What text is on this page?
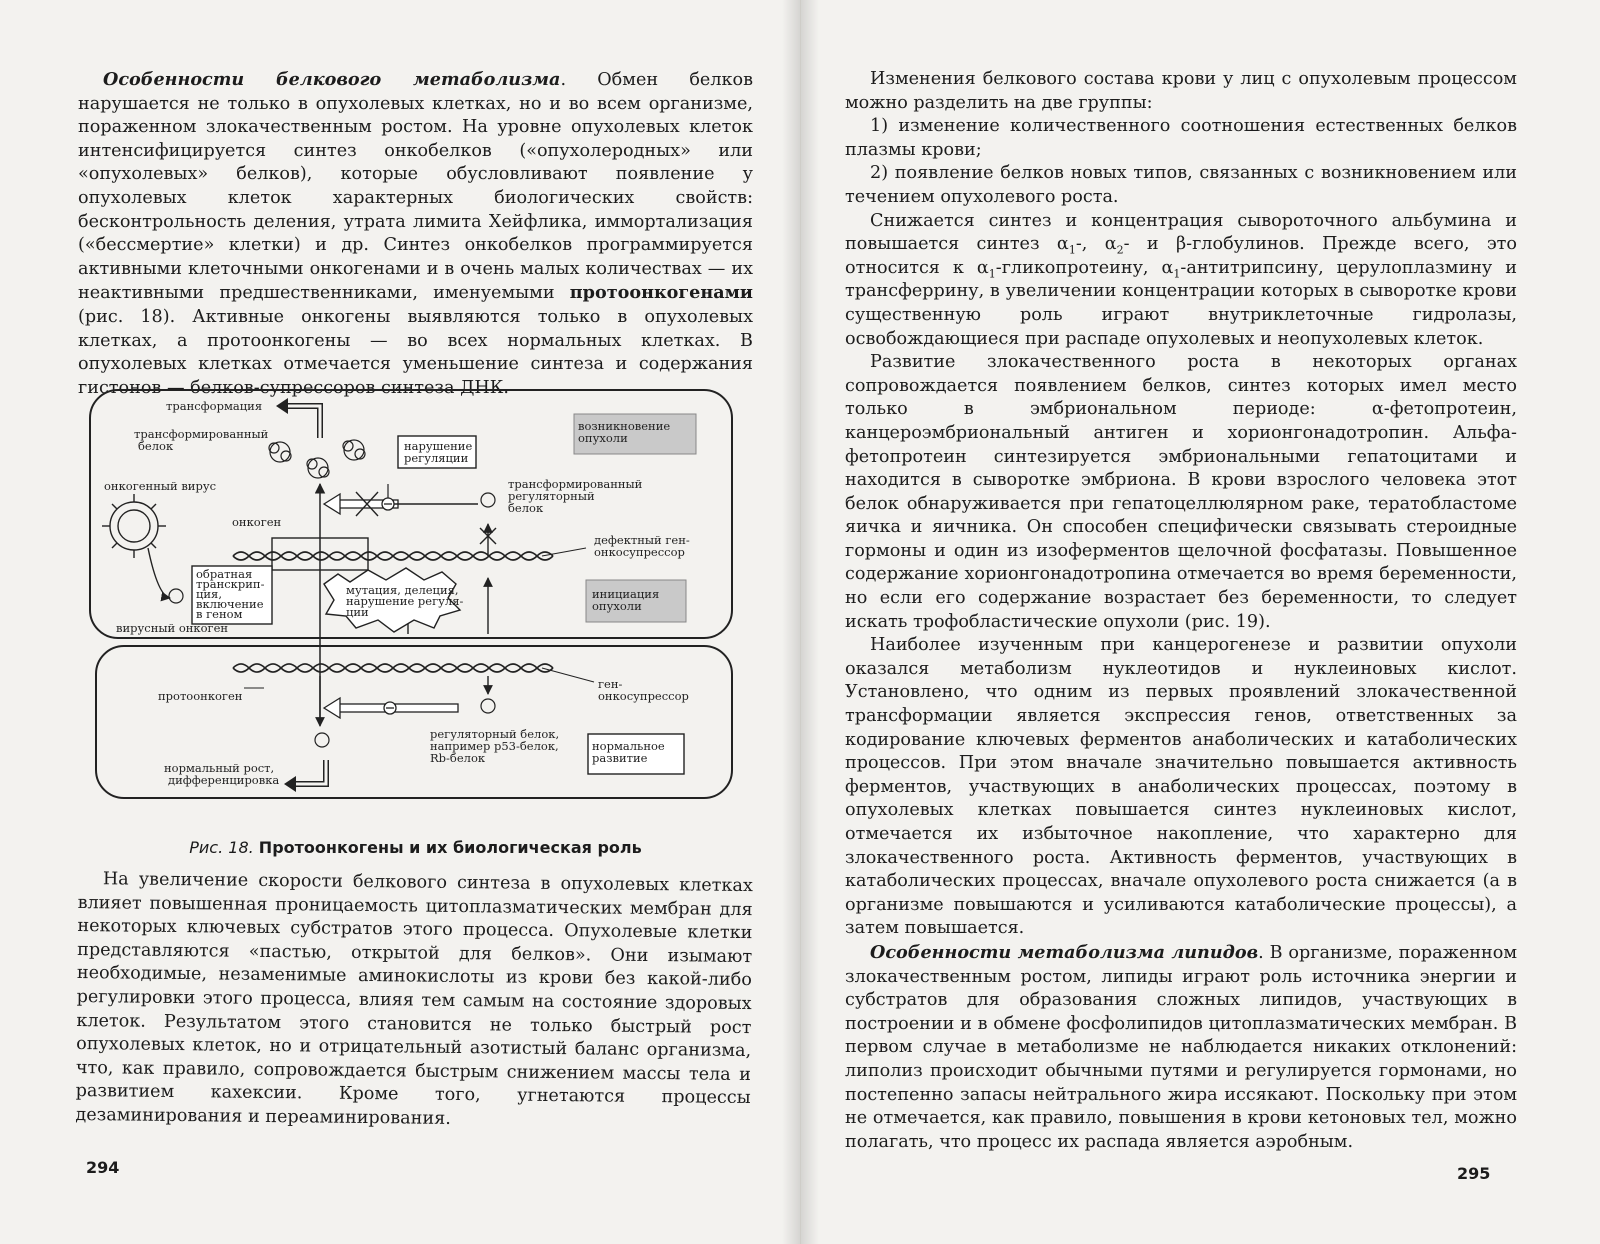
Особенности белкового метаболизма. Обмен белков нарушается не только в опухолевых клетках, но и во всем организме, пораженном злокачественным ростом. На уровне опухолевых клеток интенсифицируется синтез онкобелков («опухолеродных» или «опухолевых» белков), которые обусловливают появление у опухолевых клеток характерных биологических свойств: бесконтрольность деления, утрата лимита Хейфлика, иммортализация («бессмертие» клетки) и др. Синтез онкобелков программируется активными клеточными онкогенами и в очень малых количествах — их неактивными предшественниками, именуемыми протоонкогенами (рис. 18). Активные онкогены выявляются только в опухолевых клетках, а протоонкогены — во всех нормальных клетках. В опухолевых клетках отмечается уменьшение синтеза и содержания гистонов — белков-супрессоров синтеза ДНК.

трансформация
трансформированный
белок
онкогенный вирус
онкоген
нарушение
регуляции
возникновение
опухоли
трансформированный
регуляторный
белок
дефектный ген-
онкосупрессор
обратная
транскрип-
ция,
включение
в геном
мутация, делеция,
нарушение регуля-
ции
инициация
опухоли
вирусный онкоген
протоонкоген
ген-
онкосупрессор
регуляторный белок,
например р53-белок,
Rb-белок
нормальное
развитие
нормальный рост,
дифференцировка
Рис. 18. Протоонкогены и их биологическая роль

На увеличение скорости белкового синтеза в опухолевых клетках влияет повышенная проницаемость цитоплазматических мембран для некоторых ключевых субстратов этого процесса. Опухолевые клетки представляются «пастью, открытой для белков». Они изымают необходимые, незаменимые аминокислоты из крови без какой-либо регулировки этого процесса, влияя тем самым на состояние здоровых клеток. Результатом этого становится не только быстрый рост опухолевых клеток, но и отрицательный азотистый баланс организма, что, как правило, сопровождается быстрым снижением массы тела и развитием кахексии. Кроме того, угнетаются процессы дезаминирования и переаминирования.

294

Изменения белкового состава крови у лиц с опухолевым процессом можно разделить на две группы:

1) изменение количественного соотношения естественных белков плазмы крови;

2) появление белков новых типов, связанных с возникновением или течением опухолевого роста.

Снижается синтез и концентрация сывороточного альбумина и повышается синтез $\alpha_1-$, $\alpha_2-$ и β-глобулинов. Прежде всего, это относится к $\alpha_1$-гликопротеину, $\alpha_1$-антитрипсину, церулоплазмину и трансферрину, в увеличении концентрации которых в сыворотке крови существенную роль играют внутриклеточные гидролазы, освобождающиеся при распаде опухолевых и неопухолевых клеток.

Развитие злокачественного роста в некоторых органах сопровождается появлением белков, синтез которых имел место только в эмбриональном периоде: α-фетопротеин, канцероэмбриональный антиген и хорионгонадотропин. Альфа-фетопротеин синтезируется эмбриональными гепатоцитами и находится в сыворотке эмбриона. В крови взрослого человека этот белок обнаруживается при гепатоцеллюлярном раке, тератобластоме яичка и яичника. Он способен специфически связывать стероидные гормоны и один из изоферментов щелочной фосфатазы. Повышенное содержание хорионгонадотропина отмечается во время беременности, но если его содержание возрастает без беременности, то следует искать трофобластические опухоли (рис. 19).

Наиболее изученным при канцерогенезе и развитии опухоли оказался метаболизм нуклеотидов и нуклеиновых кислот. Установлено, что одним из первых проявлений злокачественной трансформации является экспрессия генов, ответственных за кодирование ключевых ферментов анаболических и катаболических процессов. При этом вначале значительно повышается активность ферментов, участвующих в анаболических процессах, поэтому в опухолевых клетках повышается синтез нуклеиновых кислот, отмечается их избыточное накопление, что характерно для злокачественного роста. Активность ферментов, участвующих в катаболических процессах, вначале опухолевого роста снижается (а в организме повышаются и усиливаются катаболические процессы), а затем повышается.

Особенности метаболизма липидов. В организме, пораженном злокачественным ростом, липиды играют роль источника энергии и субстратов для образования сложных липидов, участвующих в построении и в обмене фосфолипидов цитоплазматических мембран. В первом случае в метаболизме не наблюдается никаких отклонений: липолиз происходит обычными путями и регулируется гормонами, но постепенно запасы нейтрального жира иссякают. Поскольку при этом не отмечается, как правило, повышения в крови кетоновых тел, можно полагать, что процесс их распада является аэробным.

295
